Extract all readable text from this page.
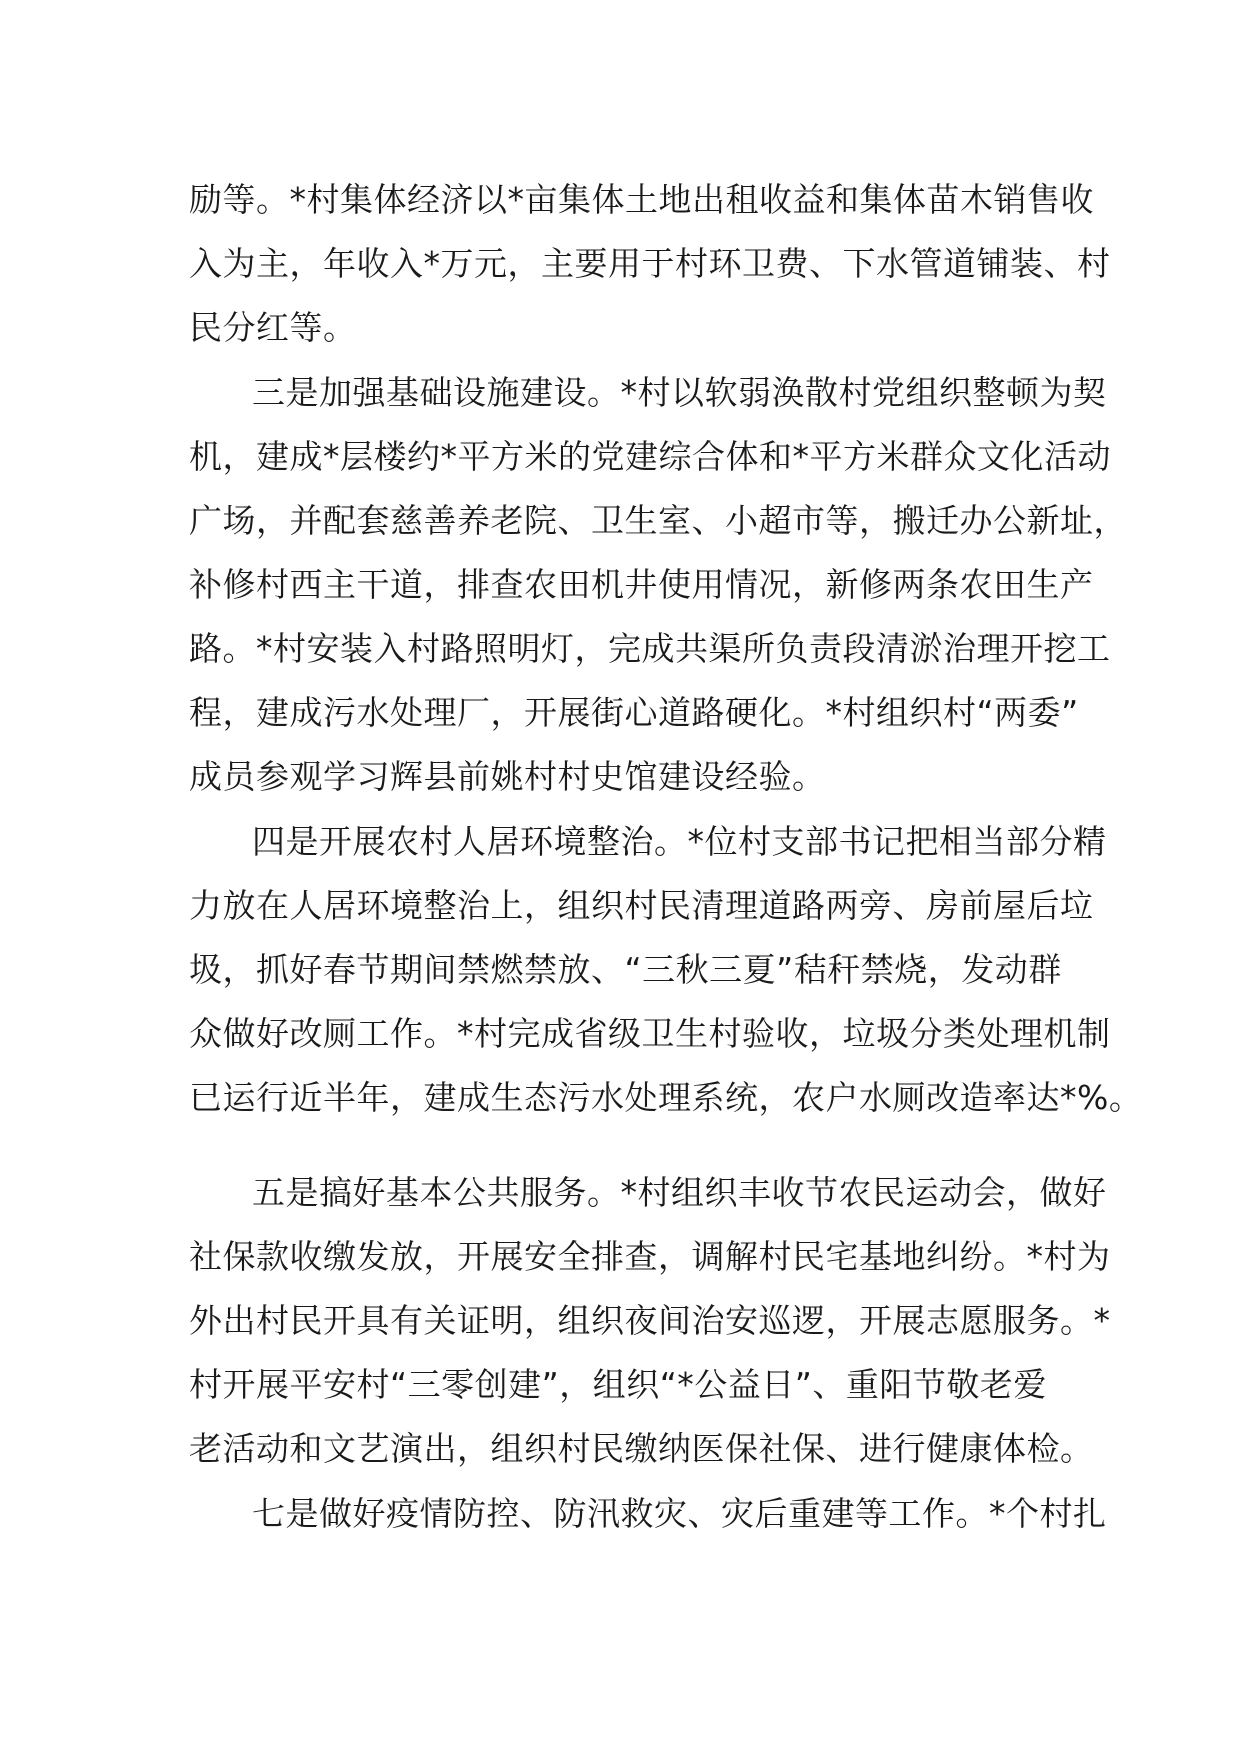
励等。*村集体经济以*亩集体土地出租收益和集体苗木销售收
入为主，年收入*万元，主要用于村环卫费、下水管道铺装、村
民分红等。
三是加强基础设施建设。*村以软弱涣散村党组织整顿为契
机，建成*层楼约*平方米的党建综合体和*平方米群众文化活动
广场，并配套慈善养老院、卫生室、小超市等，搬迁办公新址，
补修村西主干道，排查农田机井使用情况，新修两条农田生产
路。*村安装入村路照明灯，完成共渠所负责段清淤治理开挖工
程，建成污水处理厂，开展街心道路硬化。*村组织村“两委”
成员参观学习辉县前姚村村史馆建设经验。
四是开展农村人居环境整治。*位村支部书记把相当部分精
力放在人居环境整治上，组织村民清理道路两旁、房前屋后垃
圾，抓好春节期间禁燃禁放、“三秋三夏”秸秆禁烧，发动群
众做好改厕工作。*村完成省级卫生村验收，垃圾分类处理机制
已运行近半年，建成生态污水处理系统，农户水厕改造率达*%。
五是搞好基本公共服务。*村组织丰收节农民运动会，做好
社保款收缴发放，开展安全排查，调解村民宅基地纠纷。*村为
外出村民开具有关证明，组织夜间治安巡逻，开展志愿服务。*
村开展平安村“三零创建”，组织“*公益日”、重阳节敬老爱
老活动和文艺演出，组织村民缴纳医保社保、进行健康体检。
七是做好疫情防控、防汛救灾、灾后重建等工作。*个村扎
